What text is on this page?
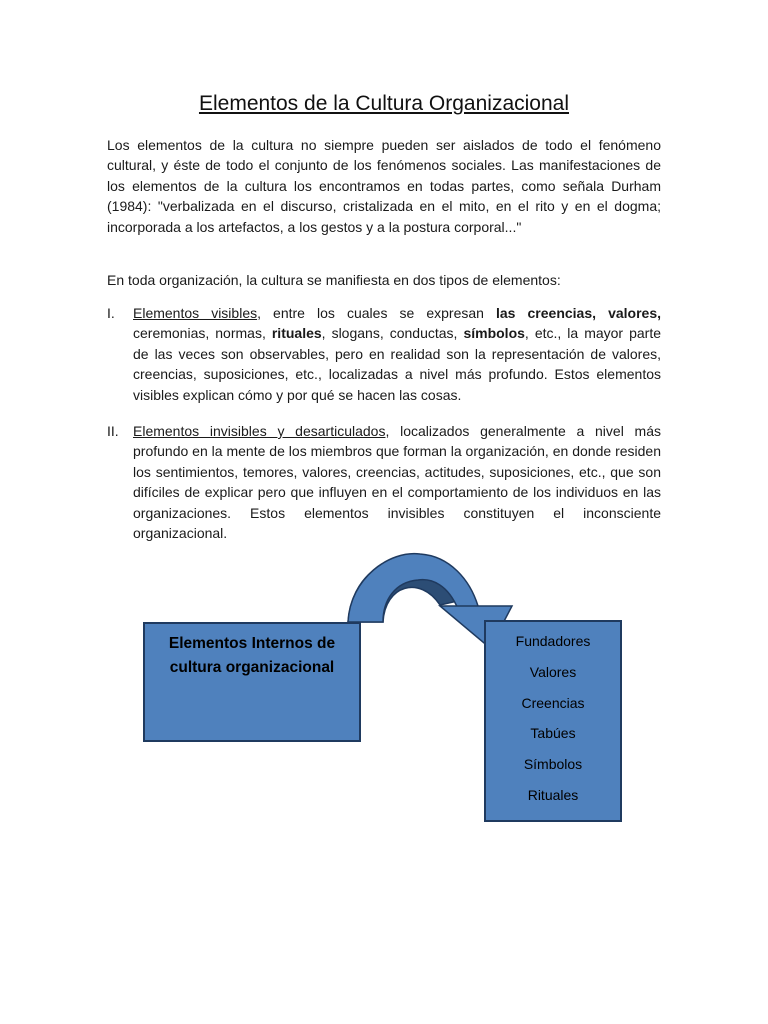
Elementos de la Cultura Organizacional

Los elementos de la cultura no siempre pueden ser aislados de todo el fenómeno cultural, y éste de todo el conjunto de los fenómenos sociales. Las manifestaciones de los elementos de la cultura los encontramos en todas partes, como señala Durham (1984): "verbalizada en el discurso, cristalizada en el mito, en el rito y en el dogma; incorporada a los artefactos, a los gestos y a la postura corporal..."

En toda organización, la cultura se manifiesta en dos tipos de elementos:

I.	Elementos visibles, entre los cuales se expresan las creencias, valores, ceremonias, normas, rituales, slogans, conductas, símbolos, etc., la mayor parte de las veces son observables, pero en realidad son la representación de valores, creencias, suposiciones, etc., localizadas a nivel más profundo. Estos elementos visibles explican cómo y por qué se hacen las cosas.
II.	Elementos invisibles y desarticulados, localizados generalmente a nivel más profundo en la mente de los miembros que forman la organización, en donde residen los sentimientos, temores, valores, creencias, actitudes, suposiciones, etc., que son difíciles de explicar pero que influyen en el comportamiento de los individuos en las organizaciones. Estos elementos invisibles constituyen el inconsciente organizacional.
Elementos Internos de
cultura organizacional
Fundadores
Valores
Creencias
Tabúes
Símbolos
Rituales
